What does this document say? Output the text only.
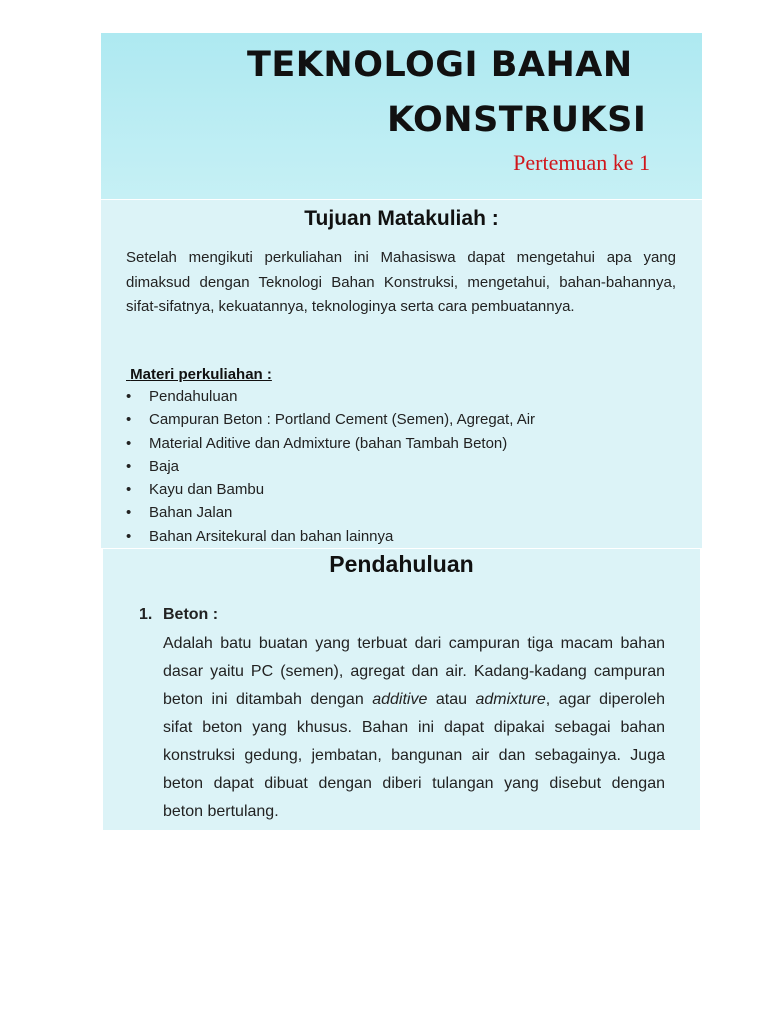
TEKNOLOGI BAHAN
KONSTRUKSI
Pertemuan ke 1
Tujuan Matakuliah :
Setelah mengikuti perkuliahan ini Mahasiswa dapat mengetahui apa yang dimaksud dengan Teknologi Bahan Konstruksi, mengetahui, bahan-bahannya, sifat-sifatnya, kekuatannya, teknologinya serta cara pembuatannya.
Materi perkuliahan :
• Pendahuluan
• Campuran Beton : Portland Cement (Semen), Agregat, Air
• Material Aditive dan Admixture (bahan Tambah Beton)
• Baja
• Kayu dan Bambu
• Bahan Jalan
• Bahan Arsitekural dan bahan lainnya
Pendahuluan
1. Beton :
Adalah batu buatan yang terbuat dari campuran tiga macam bahan
dasar yaitu PC (semen), agregat dan air. Kadang-kadang campuran
beton ini ditambah dengan additive atau admixture, agar diperoleh
sifat beton yang khusus. Bahan ini dapat dipakai sebagai bahan
konstruksi gedung, jembatan, bangunan air dan sebagainya. Juga
beton dapat dibuat dengan diberi tulangan yang disebut dengan
beton bertulang.
